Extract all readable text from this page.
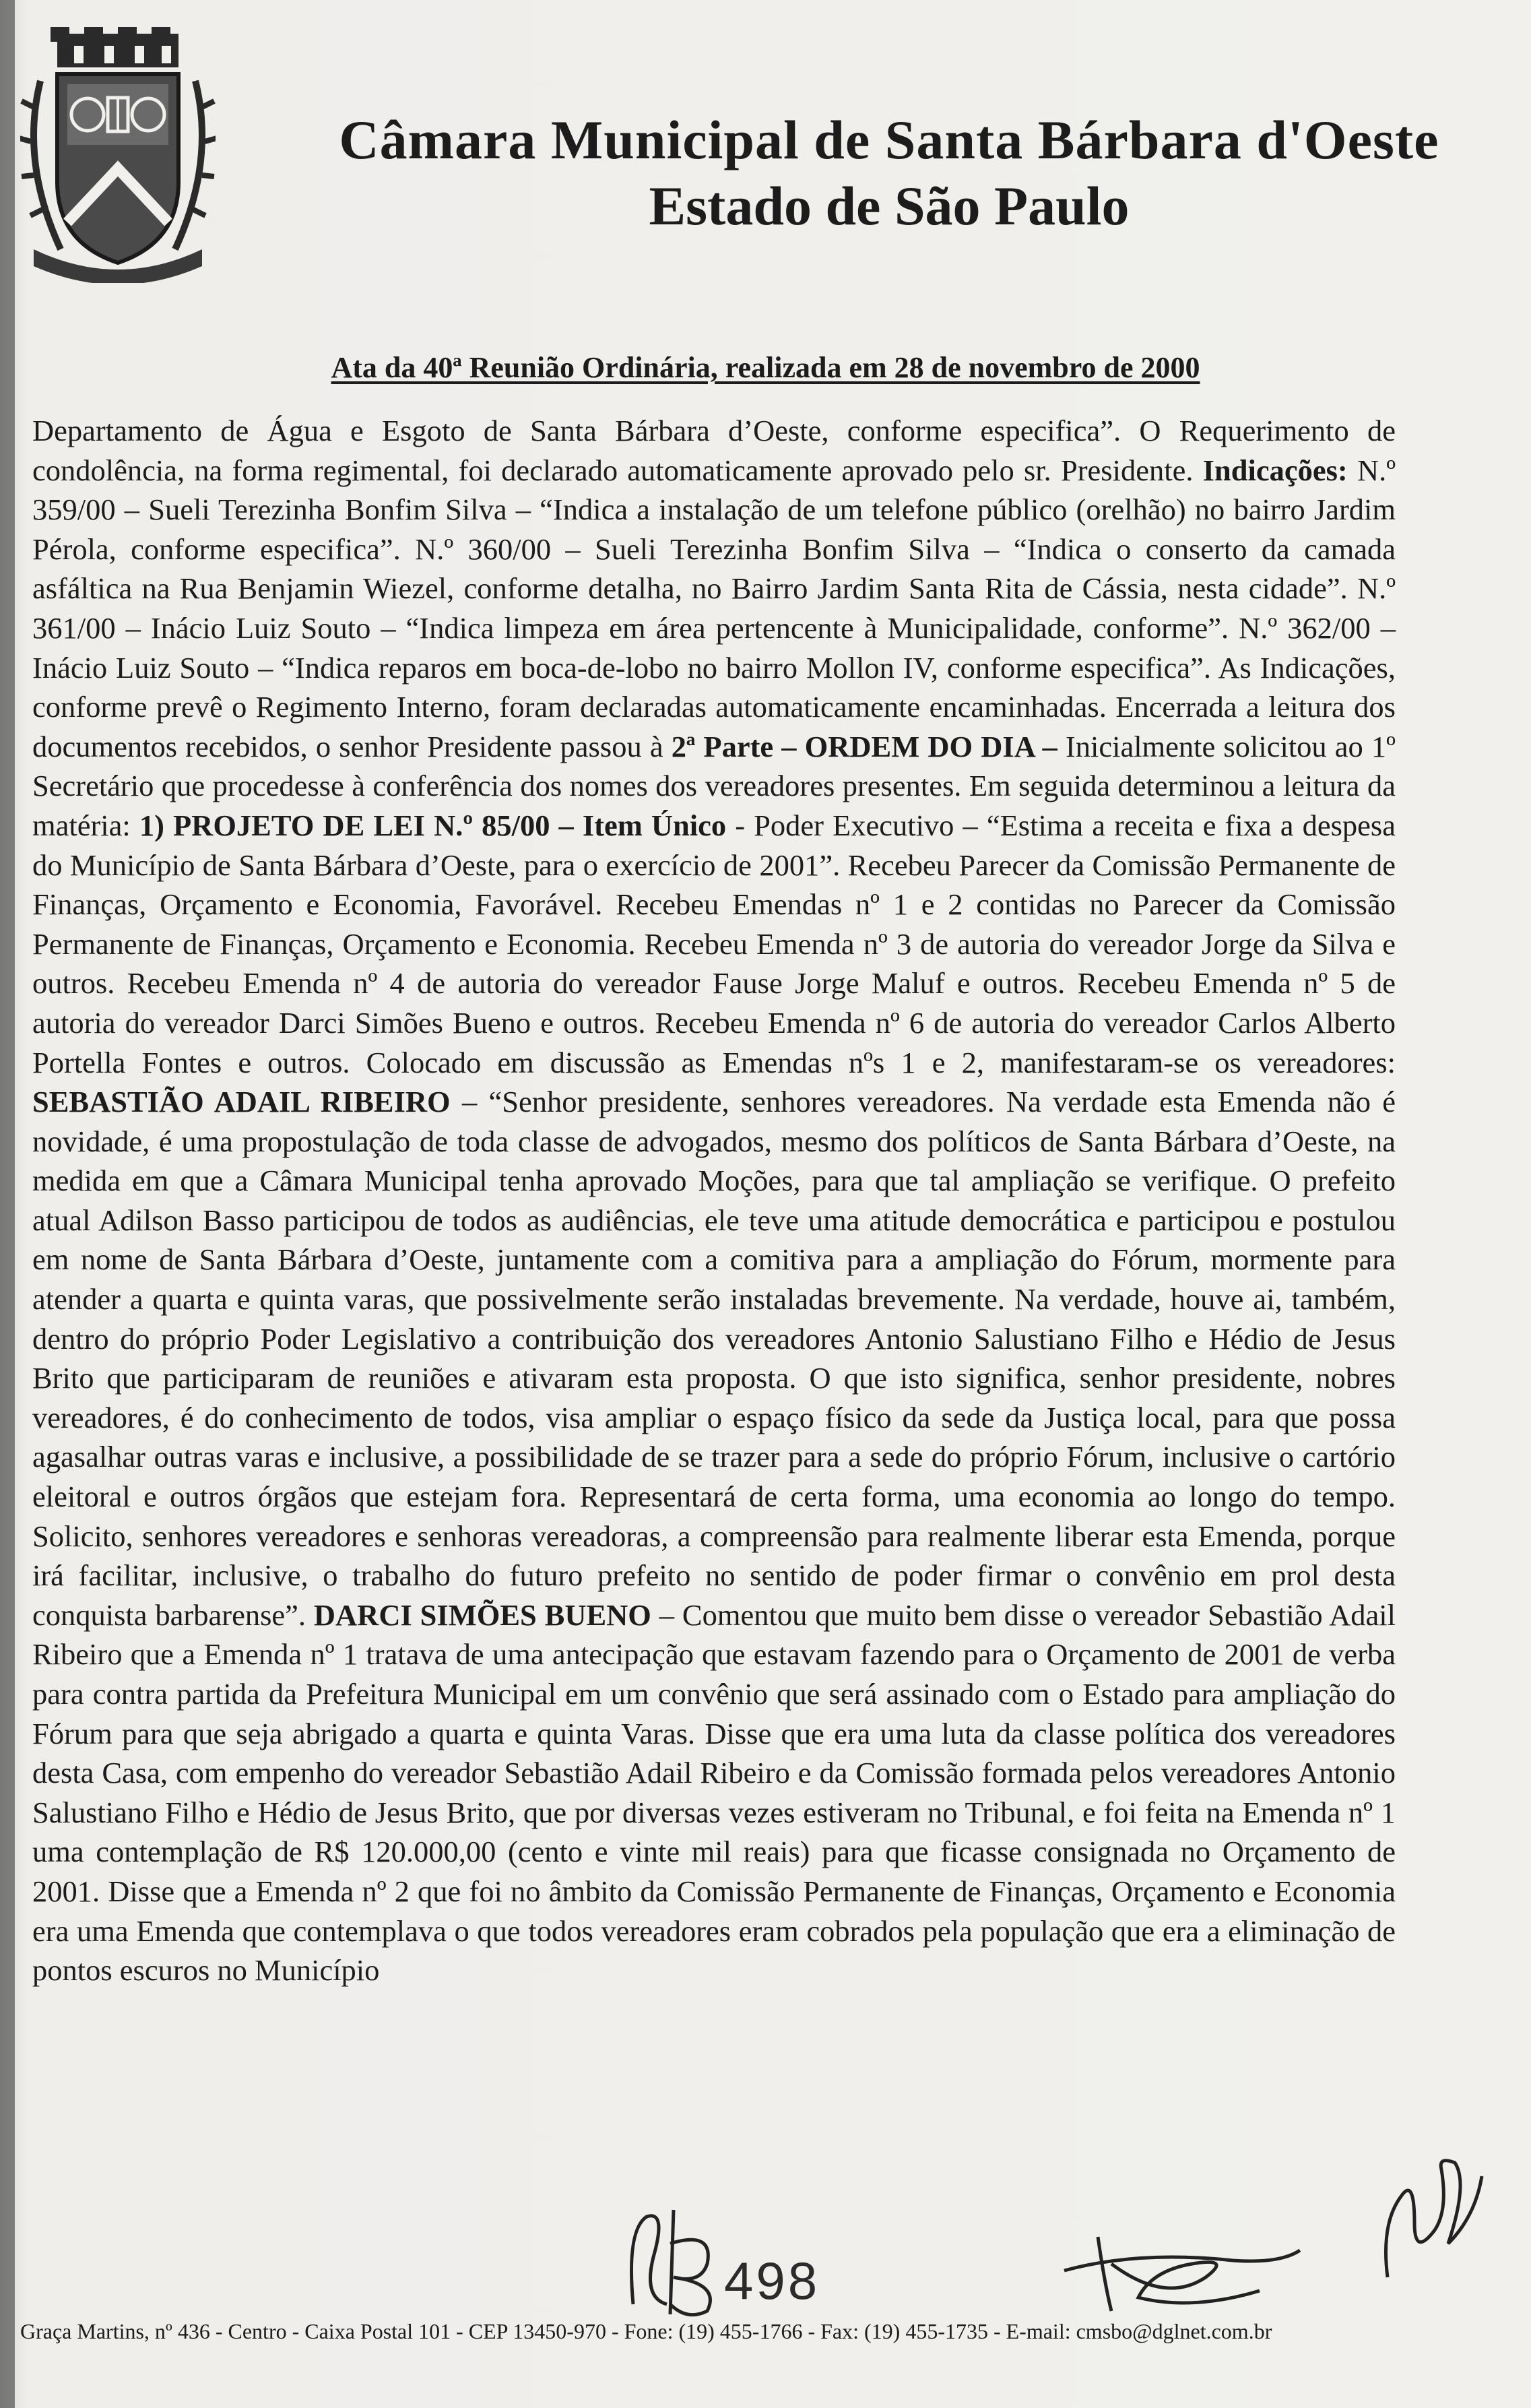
Câmara Municipal de Santa Bárbara d'Oeste
Estado de São Paulo
Ata da 40ª Reunião Ordinária, realizada em 28 de novembro de 2000

Departamento de Água e Esgoto de Santa Bárbara d’Oeste, conforme especifica”. O Requerimento de condolência, na forma regimental, foi declarado automaticamente aprovado pelo sr. Presidente. Indicações: N.º 359/00 – Sueli Terezinha Bonfim Silva – “Indica a instalação de um telefone público (orelhão) no bairro Jardim Pérola, conforme especifica”. N.º 360/00 – Sueli Terezinha Bonfim Silva – “Indica o conserto da camada asfáltica na Rua Benjamin Wiezel, conforme detalha, no Bairro Jardim Santa Rita de Cássia, nesta cidade”. N.º 361/00 – Inácio Luiz Souto – “Indica limpeza em área pertencente à Municipalidade, conforme”. N.º 362/00 – Inácio Luiz Souto – “Indica reparos em boca-de-lobo no bairro Mollon IV, conforme especifica”. As Indicações, conforme prevê o Regimento Interno, foram declaradas automaticamente encaminhadas. Encerrada a leitura dos documentos recebidos, o senhor Presidente passou à 2ª Parte – ORDEM DO DIA – Inicialmente solicitou ao 1º Secretário que procedesse à conferência dos nomes dos vereadores presentes. Em seguida determinou a leitura da matéria: 1) PROJETO DE LEI N.º 85/00 – Item Único - Poder Executivo – “Estima a receita e fixa a despesa do Município de Santa Bárbara d’Oeste, para o exercício de 2001”. Recebeu Parecer da Comissão Permanente de Finanças, Orçamento e Economia, Favorável. Recebeu Emendas nº 1 e 2 contidas no Parecer da Comissão Permanente de Finanças, Orçamento e Economia. Recebeu Emenda nº 3 de autoria do vereador Jorge da Silva e outros. Recebeu Emenda nº 4 de autoria do vereador Fause Jorge Maluf e outros. Recebeu Emenda nº 5 de autoria do vereador Darci Simões Bueno e outros. Recebeu Emenda nº 6 de autoria do vereador Carlos Alberto Portella Fontes e outros. Colocado em discussão as Emendas nºs 1 e 2, manifestaram-se os vereadores: SEBASTIÃO ADAIL RIBEIRO – “Senhor presidente, senhores vereadores. Na verdade esta Emenda não é novidade, é uma propostulação de toda classe de advogados, mesmo dos políticos de Santa Bárbara d’Oeste, na medida em que a Câmara Municipal tenha aprovado Moções, para que tal ampliação se verifique. O prefeito atual Adilson Basso participou de todos as audiências, ele teve uma atitude democrática e participou e postulou em nome de Santa Bárbara d’Oeste, juntamente com a comitiva para a ampliação do Fórum, mormente para atender a quarta e quinta varas, que possivelmente serão instaladas brevemente. Na verdade, houve ai, também, dentro do próprio Poder Legislativo a contribuição dos vereadores Antonio Salustiano Filho e Hédio de Jesus Brito que participaram de reuniões e ativaram esta proposta. O que isto significa, senhor presidente, nobres vereadores, é do conhecimento de todos, visa ampliar o espaço físico da sede da Justiça local, para que possa agasalhar outras varas e inclusive, a possibilidade de se trazer para a sede do próprio Fórum, inclusive o cartório eleitoral e outros órgãos que estejam fora. Representará de certa forma, uma economia ao longo do tempo. Solicito, senhores vereadores e senhoras vereadoras, a compreensão para realmente liberar esta Emenda, porque irá facilitar, inclusive, o trabalho do futuro prefeito no sentido de poder firmar o convênio em prol desta conquista barbarense”. DARCI SIMÕES BUENO – Comentou que muito bem disse o vereador Sebastião Adail Ribeiro que a Emenda nº 1 tratava de uma antecipação que estavam fazendo para o Orçamento de 2001 de verba para contra partida da Prefeitura Municipal em um convênio que será assinado com o Estado para ampliação do Fórum para que seja abrigado a quarta e quinta Varas. Disse que era uma luta da classe política dos vereadores desta Casa, com empenho do vereador Sebastião Adail Ribeiro e da Comissão formada pelos vereadores Antonio Salustiano Filho e Hédio de Jesus Brito, que por diversas vezes estiveram no Tribunal, e foi feita na Emenda nº 1 uma contemplação de R$ 120.000,00 (cento e vinte mil reais) para que ficasse consignada no Orçamento de 2001. Disse que a Emenda nº 2 que foi no âmbito da Comissão Permanente de Finanças, Orçamento e Economia era uma Emenda que contemplava o que todos vereadores eram cobrados pela população que era a eliminação de pontos escuros no Município

498
Graça Martins, nº 436 - Centro - Caixa Postal 101 - CEP 13450-970 - Fone: (19) 455-1766 - Fax: (19) 455-1735 - E-mail: cmsbo@dglnet.com.br
